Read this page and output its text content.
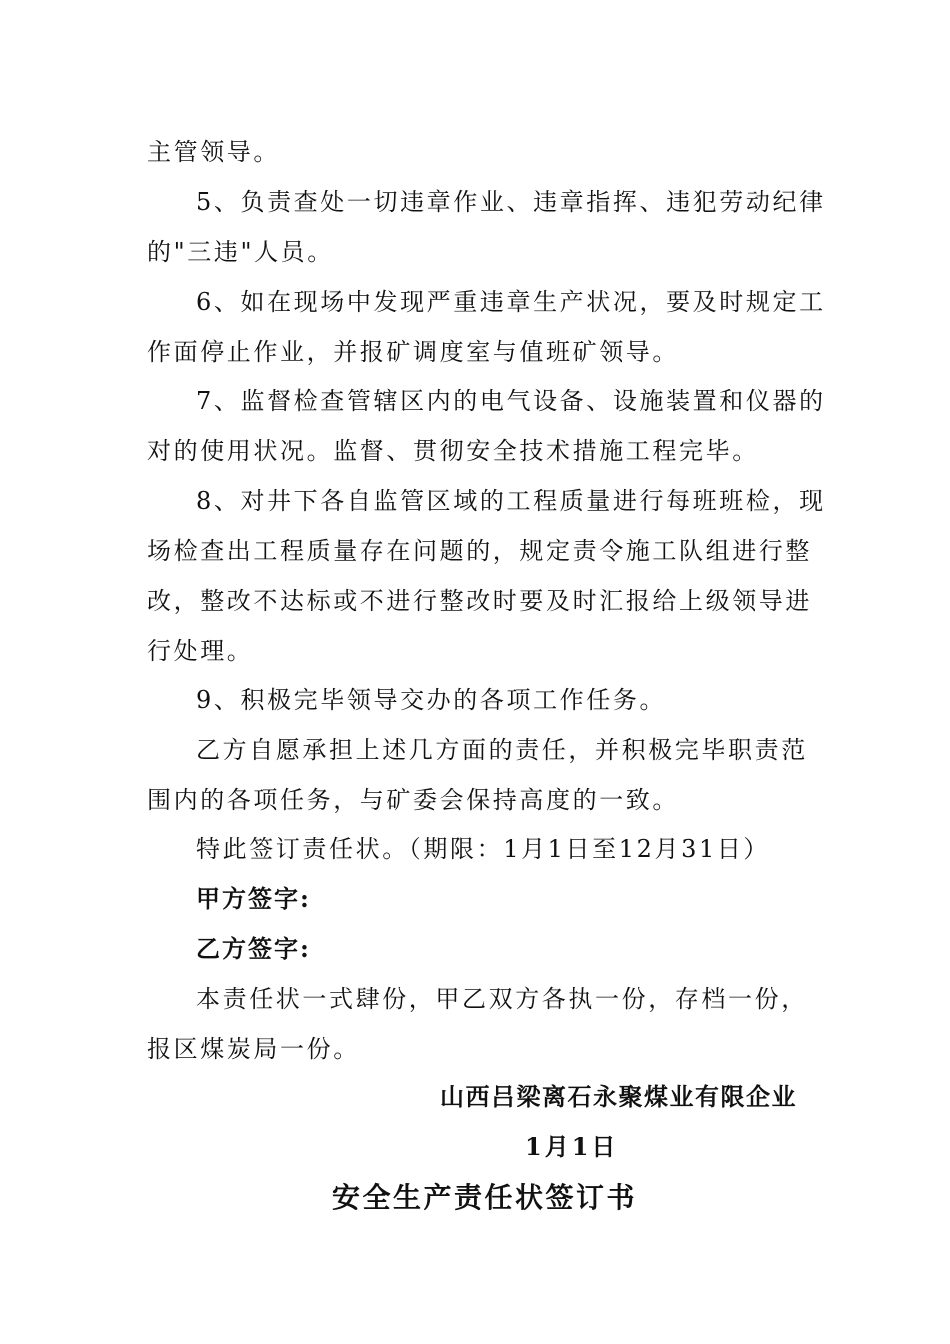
主管领导。
5、负责查处一切违章作业、违章指挥、违犯劳动纪律
的"三违"人员。
6、如在现场中发现严重违章生产状况，要及时规定工
作面停止作业，并报矿调度室与值班矿领导。
7、监督检查管辖区内的电气设备、设施装置和仪器的
对的使用状况。监督、贯彻安全技术措施工程完毕。
8、对井下各自监管区域的工程质量进行每班班检，现
场检查出工程质量存在问题的，规定责令施工队组进行整
改，整改不达标或不进行整改时要及时汇报给上级领导进
行处理。
9、积极完毕领导交办的各项工作任务。
乙方自愿承担上述几方面的责任，并积极完毕职责范
围内的各项任务，与矿委会保持高度的一致。
特此签订责任状。（期限：1月1日至12月31日）
甲方签字:
乙方签字:
本责任状一式肆份，甲乙双方各执一份，存档一份，
报区煤炭局一份。
山西吕梁离石永聚煤业有限企业
1月1日
安全生产责任状签订书
